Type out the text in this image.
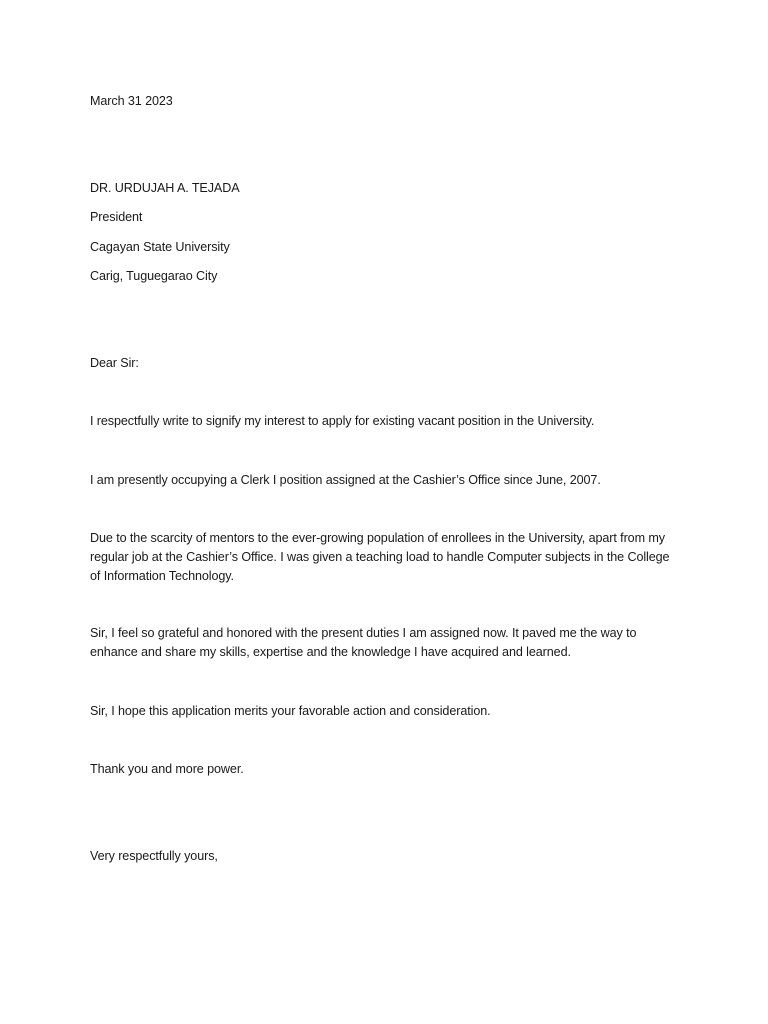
March 31 2023
DR. URDUJAH A. TEJADA
President
Cagayan State University
Carig, Tuguegarao City
Dear Sir:
I respectfully write to signify my interest to apply for existing vacant position in the University.
I am presently occupying a Clerk I position assigned at the Cashier’s Office since June, 2007.
Due to the scarcity of mentors to the ever-growing population of enrollees in the University, apart from my regular job at the Cashier’s Office. I was given a teaching load to handle Computer subjects in the College of Information Technology.
Sir, I feel so grateful and honored with the present duties I am assigned now. It paved me the way to enhance and share my skills, expertise and the knowledge I have acquired and learned.
Sir, I hope this application merits your favorable action and consideration.
Thank you and more power.
Very respectfully yours,
